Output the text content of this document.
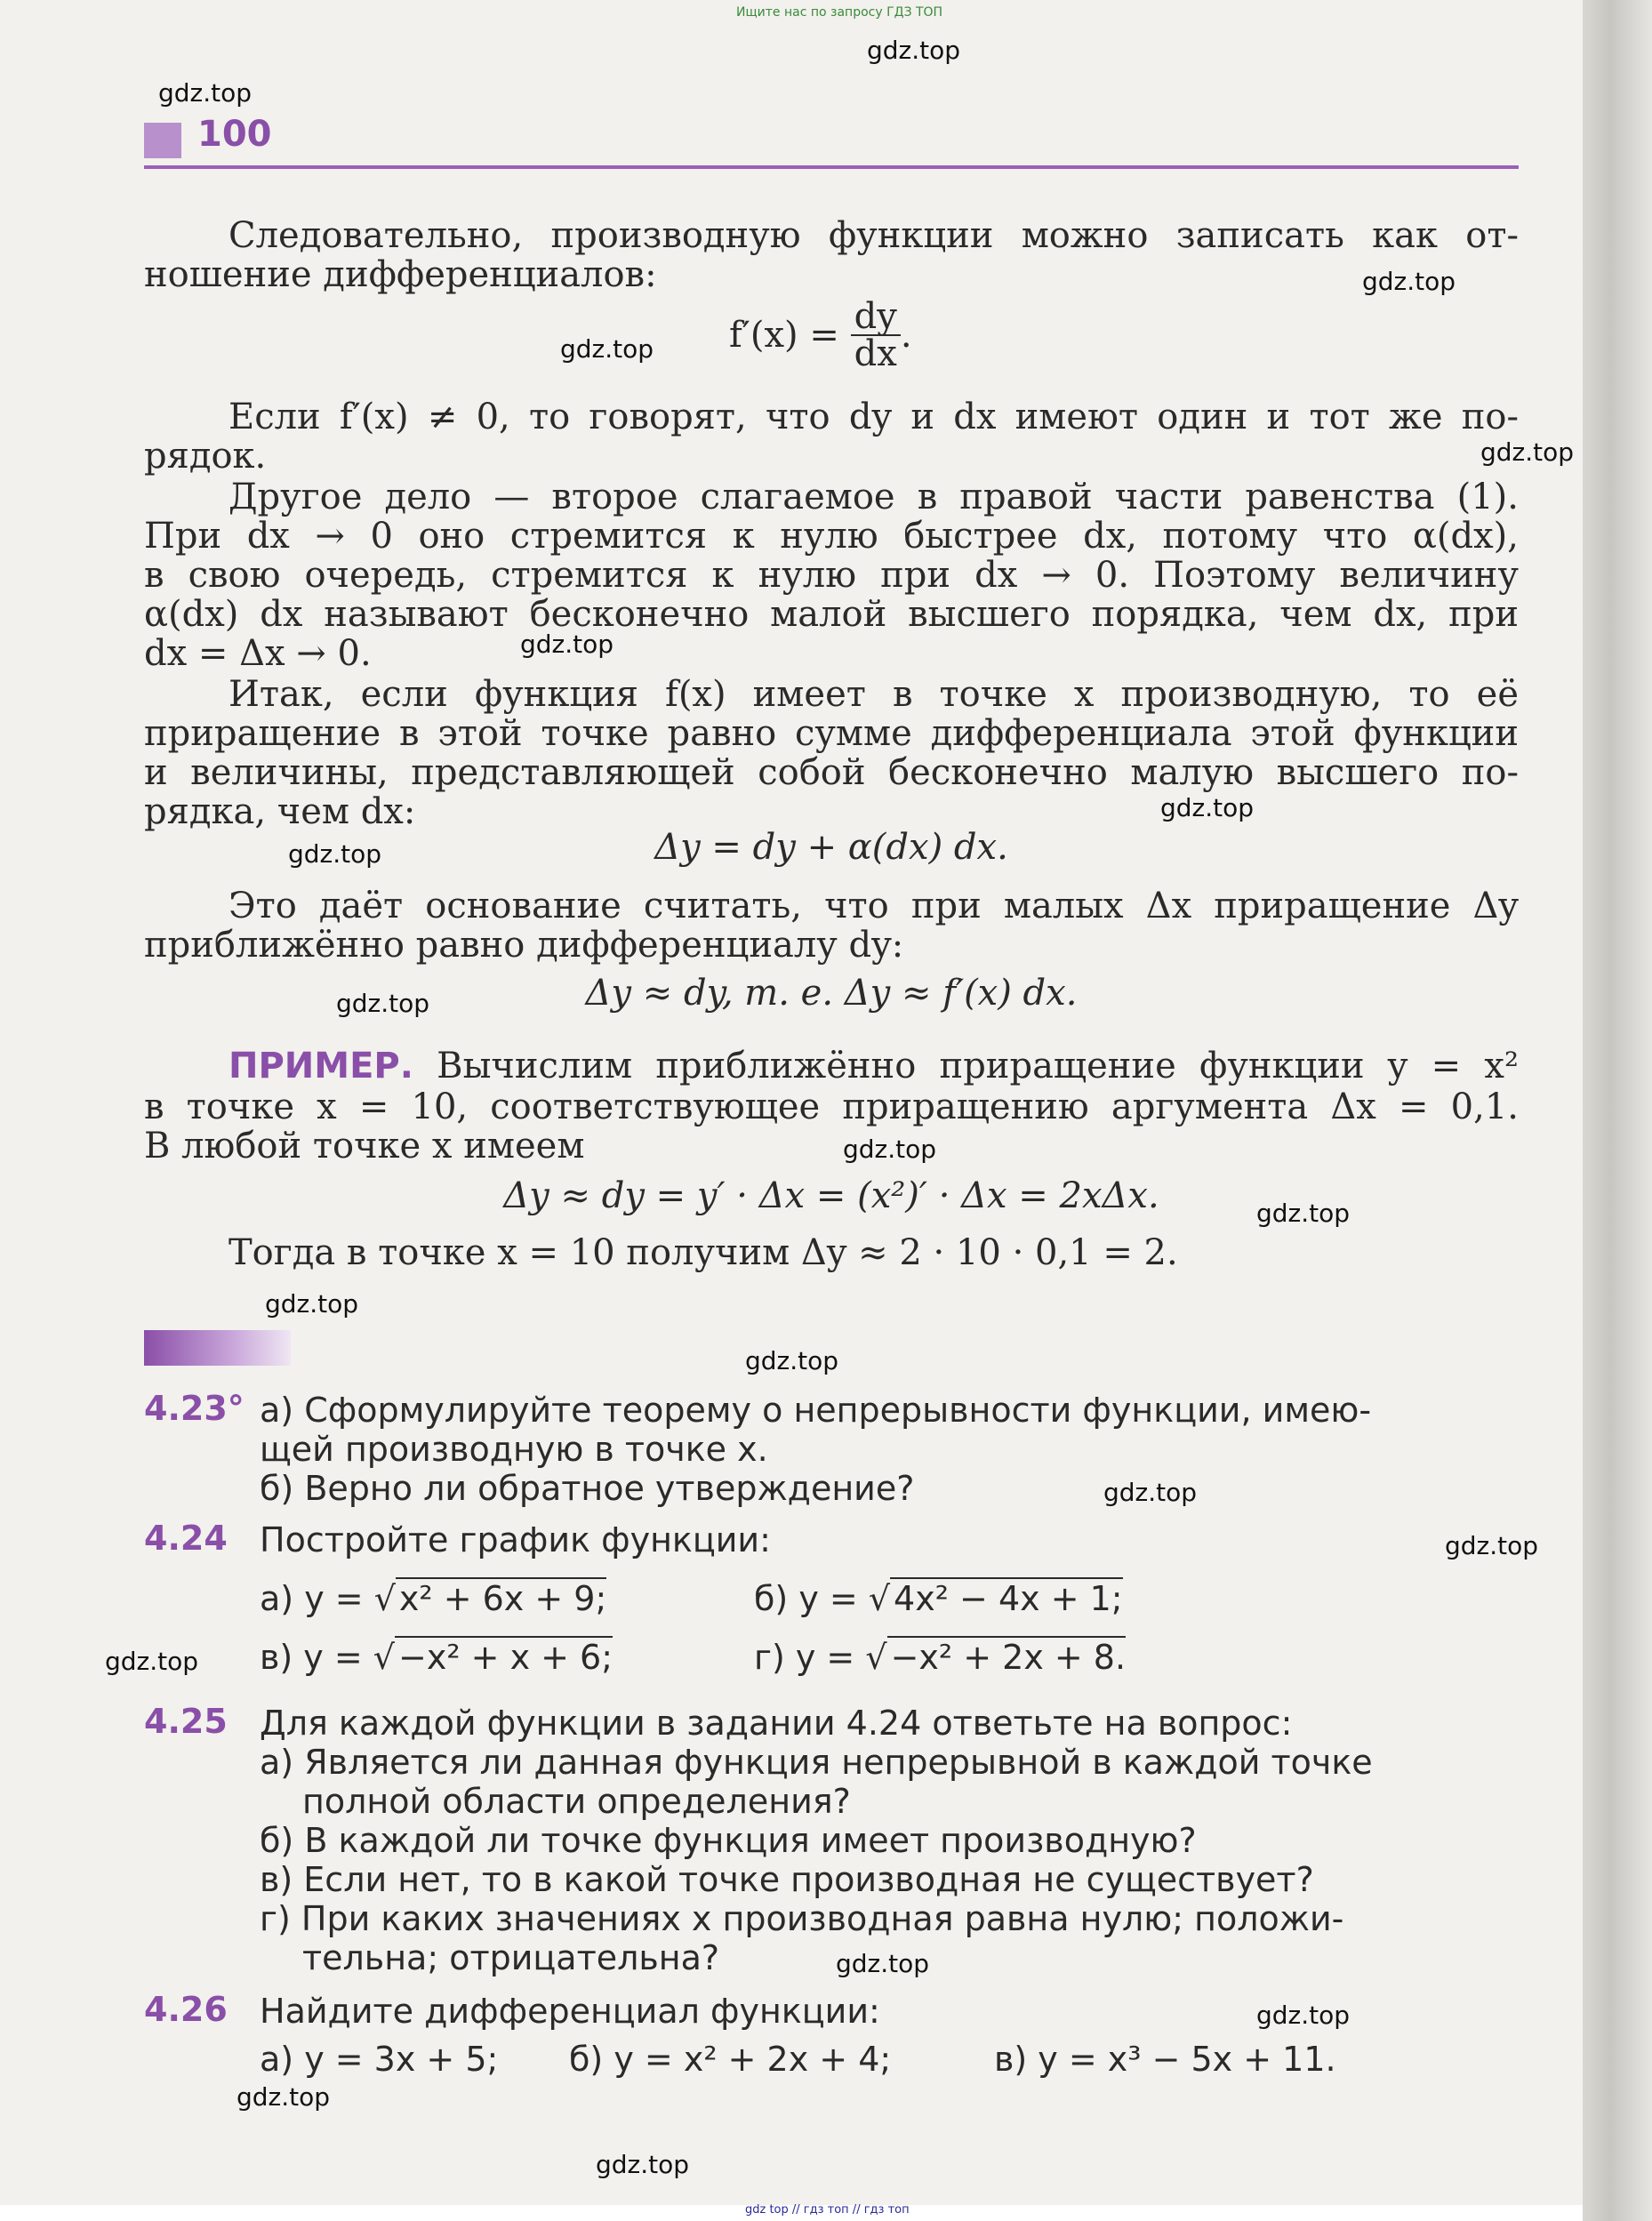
Ищите нас по запросу ГДЗ ТОП
100
Следовательно, производную функции можно записать как от-
ношение дифференциалов:
$f'(x) = \frac{dy}{dx}$ .
Если f′(x) ≠ 0, то говорят, что dy и dx имеют один и тот же по-
рядок.
Другое дело — второе слагаемое в правой части равенства (1).
При dx → 0 оно стремится к нулю быстрее dx, потому что α(dx),
в свою очередь, стремится к нулю при dx → 0. Поэтому величину
α(dx) dx называют бесконечно малой высшего порядка, чем dx, при
dx = Δx → 0.
Итак, если функция f(x) имеет в точке x производную, то её
приращение в этой точке равно сумме дифференциала этой функции
и величины, представляющей собой бесконечно малую высшего по-
рядка, чем dx:
Δy = dy + α(dx) dx.
Это даёт основание считать, что при малых Δx приращение Δy
приближённо равно дифференциалу dy:
Δy ≈ dy, т. е. Δy ≈ f′(x) dx.
ПРИМЕР. Вычислим приближённо приращение функции y = x²
в точке x = 10, соответствующее приращению аргумента Δx = 0,1.
В любой точке x имеем
Δy ≈ dy = y′ · Δx = (x²)′ · Δx = 2xΔx.
Тогда в точке x = 10 получим Δy ≈ 2 · 10 · 0,1 = 2.
4.23° а) Сформулируйте теорему о непрерывности функции, имею-
щей производную в точке x.
б) Верно ли обратное утверждение?
4.24 Постройте график функции:
а) y = √ x² + 6x + 9;	б) y = √ 4x² − 4x + 1;
в) y = √ −x² + x + 6;	г) y = √ −x² + 2x + 8.
4.25 Для каждой функции в задании 4.24 ответьте на вопрос:
а) Является ли данная функция непрерывной в каждой точке
полной области определения?
б) В каждой ли точке функция имеет производную?
в) Если нет, то в какой точке производная не существует?
г) При каких значениях x производная равна нулю; положи-
тельна; отрицательна?
4.26 Найдите дифференциал функции:
а) y = 3x + 5; б) y = x² + 2x + 4;	в) y = x³ − 5x + 11.
gdz.top
gdz.top
gdz.top
gdz.top
gdz.top
gdz.top
gdz.top
gdz.top
gdz.top
gdz.top
gdz.top
gdz.top
gdz.top
gdz.top
gdz.top
gdz.top
gdz.top
gdz.top
gdz.top
gdz.top
gdz top // гдз топ // гдз топ
